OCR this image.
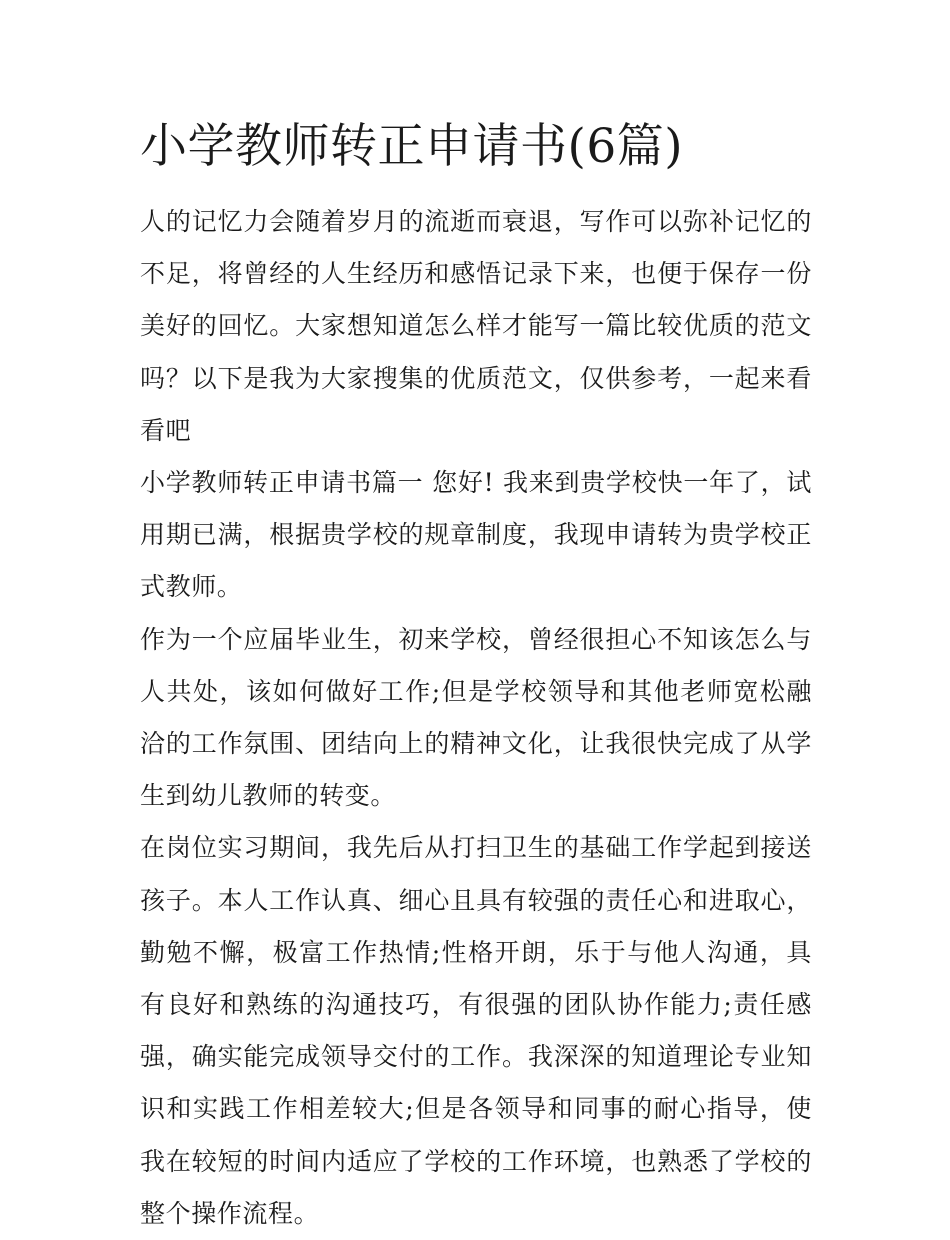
小学教师转正申请书(6篇)

人的记忆力会随着岁月的流逝而衰退，写作可以弥补记忆的不足，将曾经的人生经历和感悟记录下来，也便于保存一份美好的回忆。大家想知道怎么样才能写一篇比较优质的范文吗？以下是我为大家搜集的优质范文，仅供参考，一起来看看吧

小学教师转正申请书篇一 您好! 我来到贵学校快一年了，试用期已满，根据贵学校的规章制度，我现申请转为贵学校正式教师。

作为一个应届毕业生，初来学校，曾经很担心不知该怎么与人共处，该如何做好工作;但是学校领导和其他老师宽松融洽的工作氛围、团结向上的精神文化，让我很快完成了从学生到幼儿教师的转变。

在岗位实习期间，我先后从打扫卫生的基础工作学起到接送孩子。本人工作认真、细心且具有较强的责任心和进取心，勤勉不懈，极富工作热情;性格开朗，乐于与他人沟通，具有良好和熟练的沟通技巧，有很强的团队协作能力;责任感强，确实能完成领导交付的工作。我深深的知道理论专业知识和实践工作相差较大;但是各领导和同事的耐心指导，使我在较短的时间内适应了学校的工作环境，也熟悉了学校的整个操作流程。
